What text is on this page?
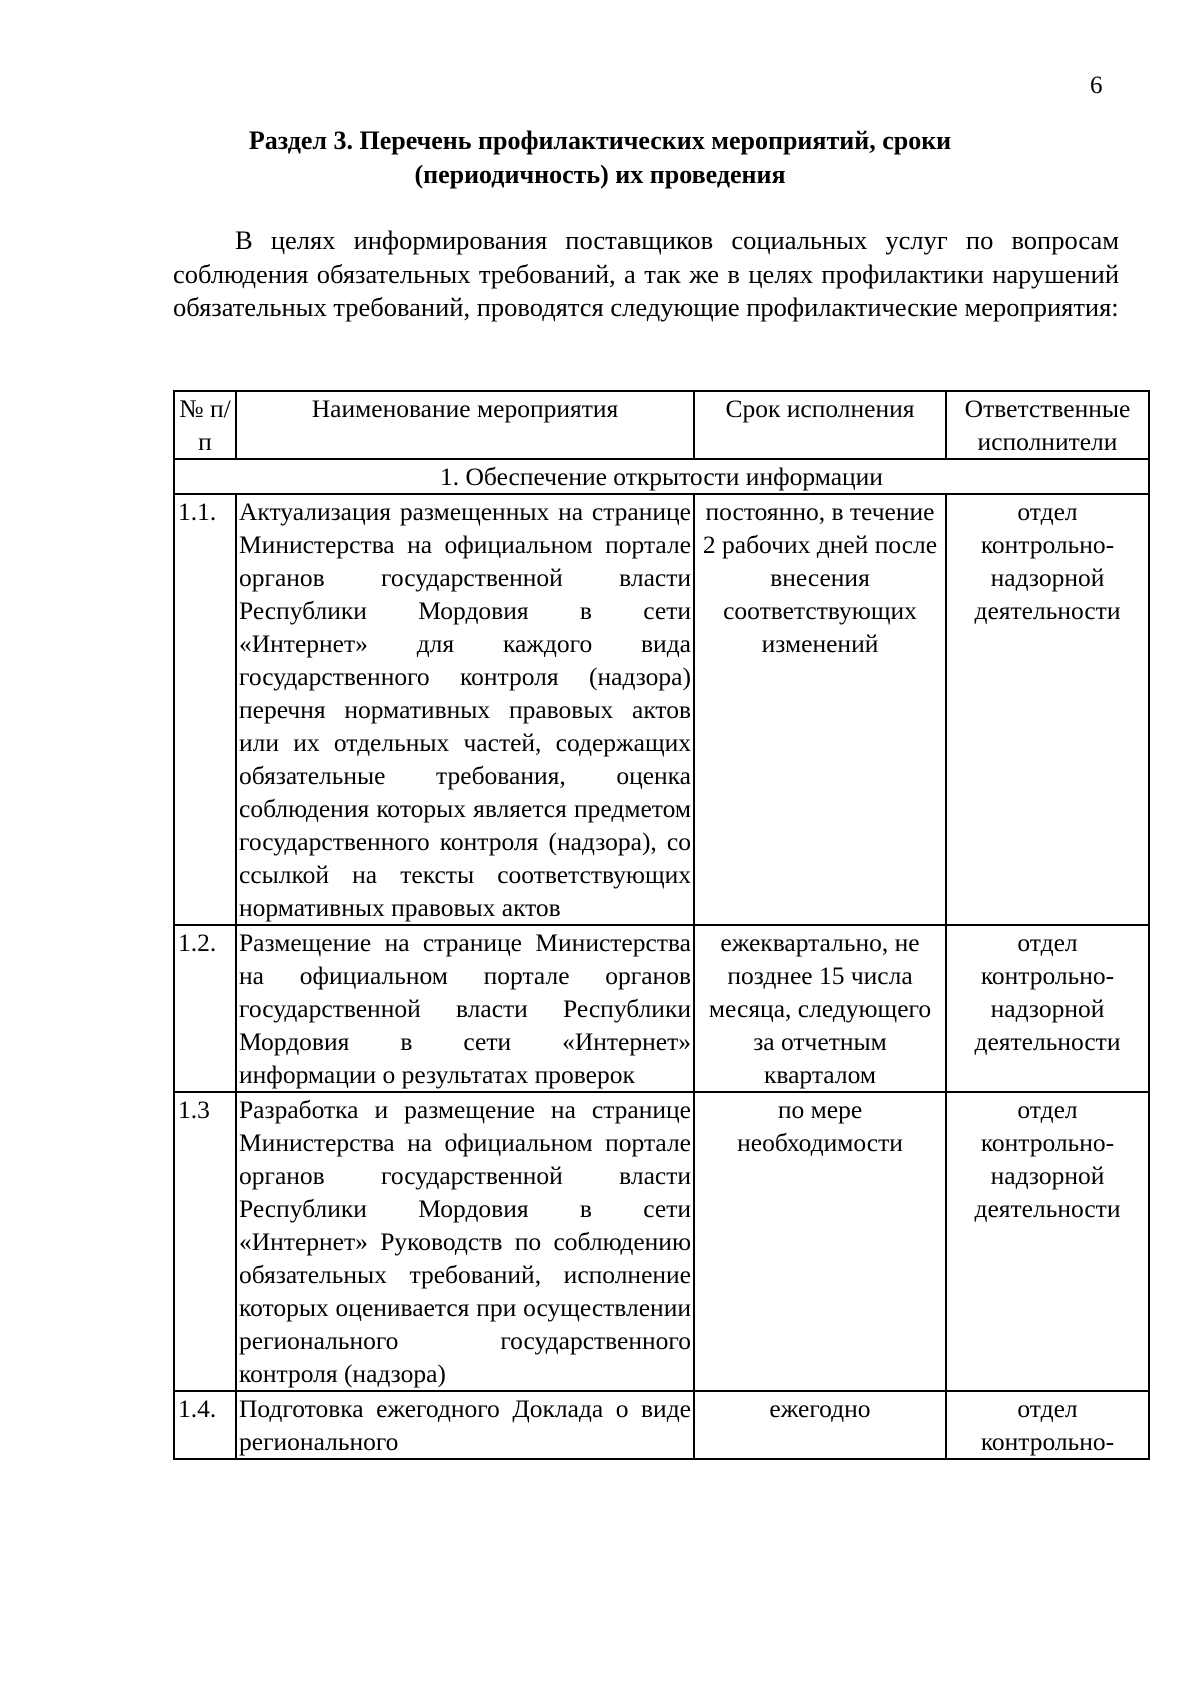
6
Раздел 3. Перечень профилактических мероприятий, сроки
(периодичность) их проведения
В целях информирования поставщиков социальных услуг по вопросам соблюдения обязательных требований, а так же в целях профилактики нарушений обязательных требований, проводятся следующие профилактические мероприятия:
№ п/п	Наименование мероприятия	Срок исполнения	Ответственные исполнители
1. Обеспечение открытости информации			
1.1.	Актуализация размещенных на странице Министерства на официальном портале органов государственной власти Республики Мордовия в сети «Интернет» для каждого вида государственного контроля (надзора) перечня нормативных правовых актов или их отдельных частей, содержащих обязательные требования, оценка соблюдения которых является предметом государственного контроля (надзора), со ссылкой на тексты соответствующих нормативных правовых актов	постоянно, в течение 2 рабочих дней после внесения соответствующих изменений	отдел контрольно-надзорной деятельности
1.2.	Размещение на странице Министерства на официальном портале органов государственной власти Республики Мордовия в сети «Интернет» информации о результатах проверок	ежеквартально, не позднее 15 числа месяца, следующего за отчетным кварталом	отдел контрольно-надзорной деятельности
1.3	Разработка и размещение на странице Министерства на официальном портале органов государственной власти Республики Мордовия в сети «Интернет» Руководств по соблюдению обязательных требований, исполнение которых оценивается при осуществлении регионального государственного контроля (надзора)	по мере необходимости	отдел контрольно-надзорной деятельности
1.4.	Подготовка ежегодного Доклада о виде регионального	ежегодно	отдел контрольно-
